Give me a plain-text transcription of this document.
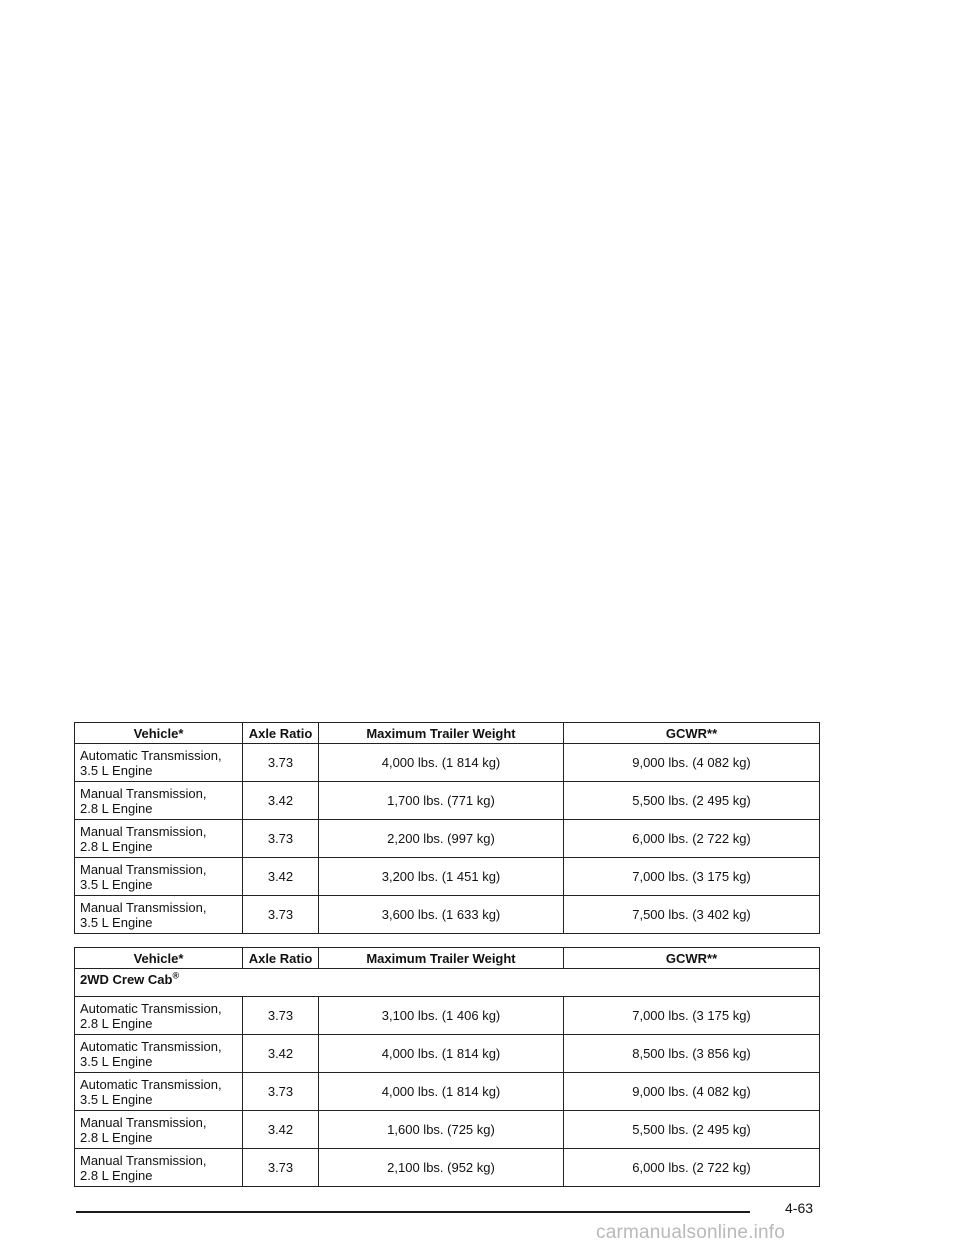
Vehicle*	Axle Ratio	Maximum Trailer Weight	GCWR**

Automatic Transmission,
3.5 L Engine	3.73	4,000 lbs. (1 814 kg)	9,000 lbs. (4 082 kg)

Manual Transmission,
2.8 L Engine	3.42	1,700 lbs. (771 kg)	5,500 lbs. (2 495 kg)

Manual Transmission,
2.8 L Engine	3.73	2,200 lbs. (997 kg)	6,000 lbs. (2 722 kg)

Manual Transmission,
3.5 L Engine	3.42	3,200 lbs. (1 451 kg)	7,000 lbs. (3 175 kg)

Manual Transmission,
3.5 L Engine	3.73	3,600 lbs. (1 633 kg)	7,500 lbs. (3 402 kg)
Vehicle*	Axle Ratio	Maximum Trailer Weight	GCWR**
2WD Crew Cab®

Automatic Transmission,
2.8 L Engine	3.73	3,100 lbs. (1 406 kg)	7,000 lbs. (3 175 kg)

Automatic Transmission,
3.5 L Engine	3.42	4,000 lbs. (1 814 kg)	8,500 lbs. (3 856 kg)

Automatic Transmission,
3.5 L Engine	3.73	4,000 lbs. (1 814 kg)	9,000 lbs. (4 082 kg)

Manual Transmission,
2.8 L Engine	3.42	1,600 lbs. (725 kg)	5,500 lbs. (2 495 kg)

Manual Transmission,
2.8 L Engine	3.73	2,100 lbs. (952 kg)	6,000 lbs. (2 722 kg)
4-63
carmanualsonline.info
